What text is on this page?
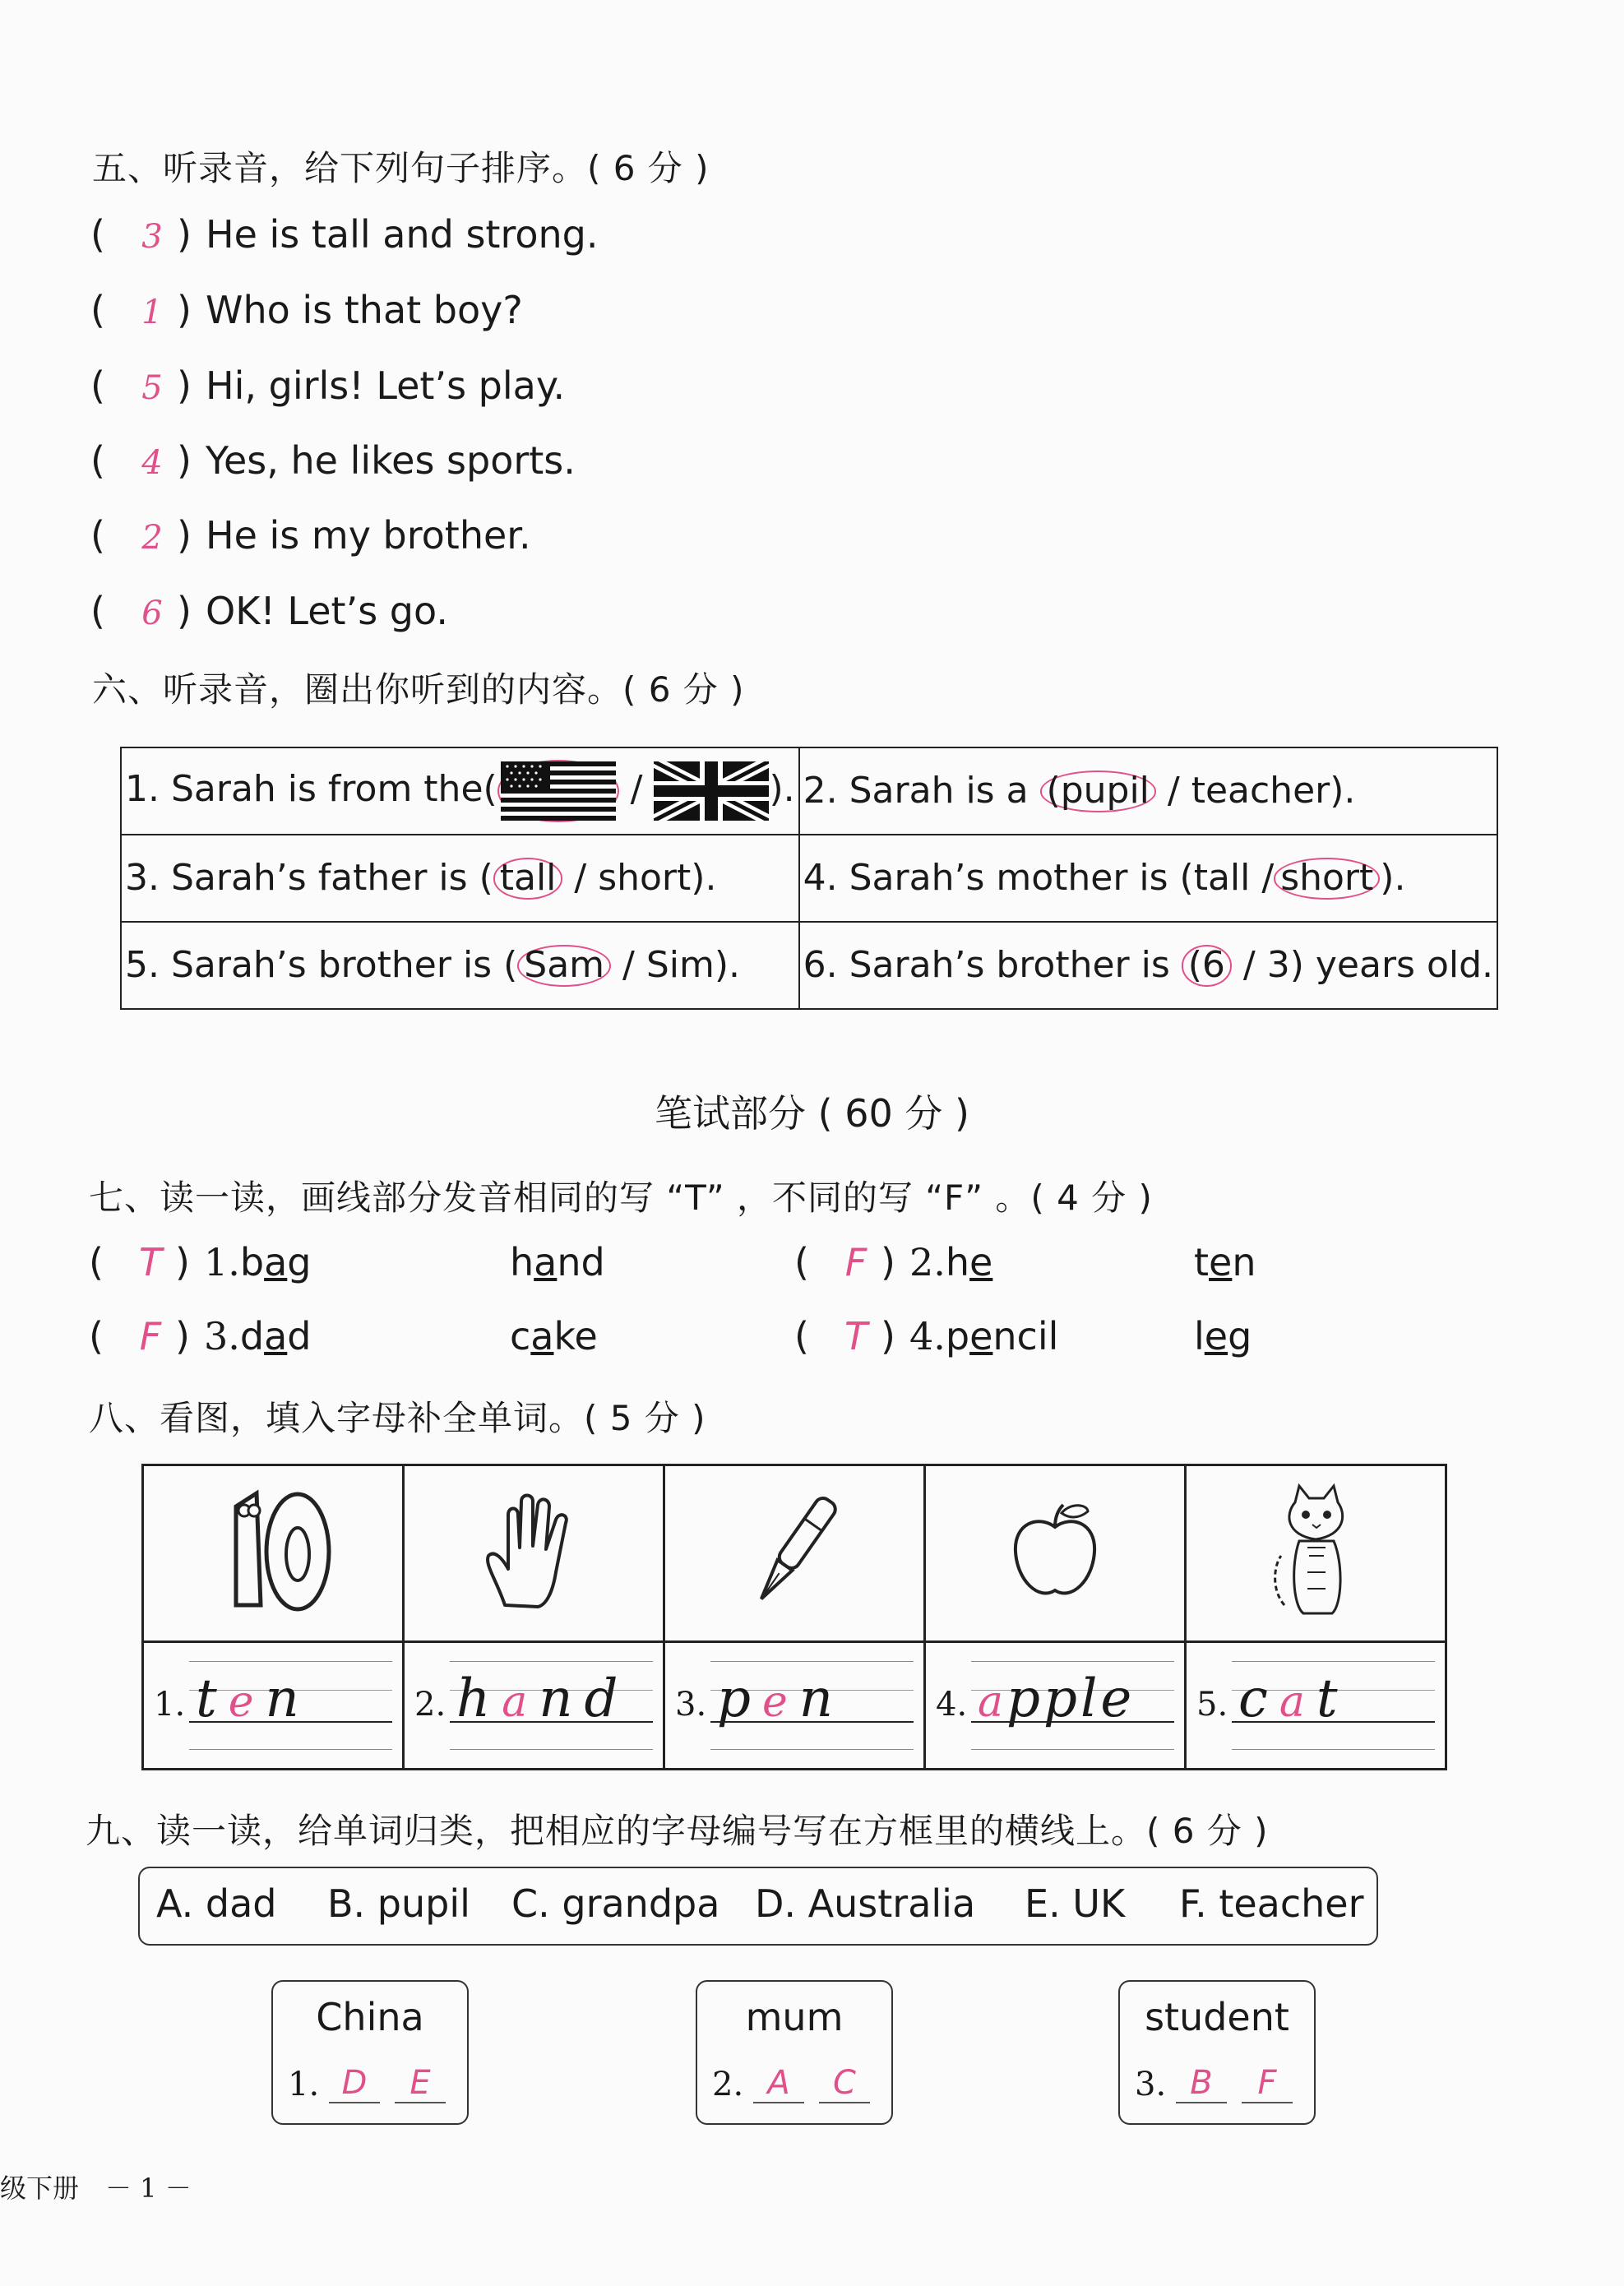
五、听录音，给下列句子排序。( 6 分 )
( 3 ) He is tall and strong.
( 1 ) Who is that boy?
( 5 ) Hi, girls! Let’s play.
( 4 ) Yes, he likes sports.
( 2 ) He is my brother.
( 6 ) OK! Let’s go.
六、听录音，圈出你听到的内容。( 6 分 )
1. Sarah is from the( / ).	2. Sarah is a (pupil / teacher).
3. Sarah’s father is ( tall / short).	4. Sarah’s mother is (tall / short ).
5. Sarah’s brother is ( Sam / Sim).	6. Sarah’s brother is (6 / 3) years old.
笔试部分 ( 60 分 )
七、读一读，画线部分发音相同的写 “T” ，不同的写 “F” 。( 4 分 )
( T ) 1.bag	hand	( F ) 2.he	ten
( F ) 3.dad	cake	( T ) 4.pencil	leg
八、看图，填入字母补全单词。( 5 分 )

1. ten	2. hand	3. pen	4. apple	5. cat
九、读一读，给单词归类，把相应的字母编号写在方框里的横线上。( 6 分 )
A. dad B. pupil C. grandpa D. Australia E. UK F. teacher
China
1. D	E
mum
2. A	C
student
3. B	F
级下册　－ 1 －
